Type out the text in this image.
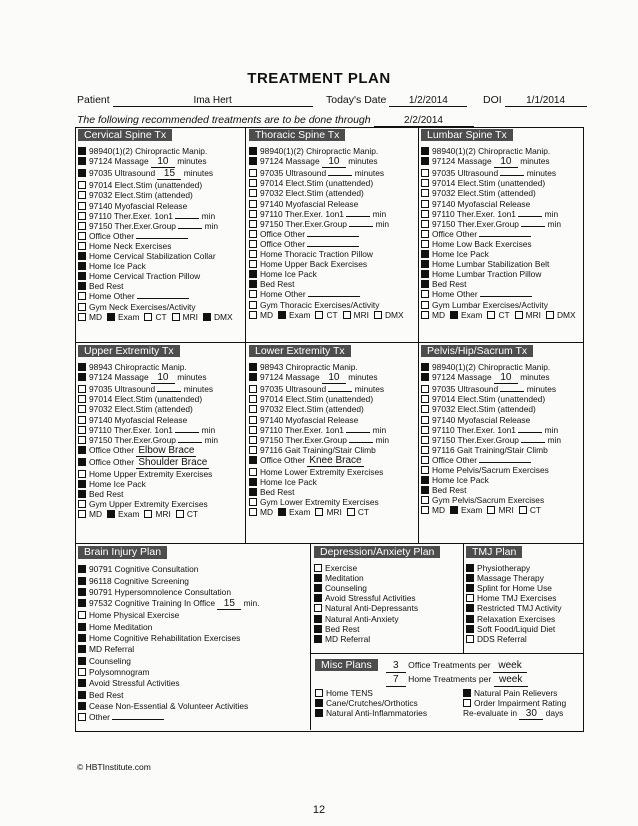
TREATMENT PLAN
Patient	Ima Hert	Today's Date 1/2/2014	DOI 1/1/2014
The following recommended treatments are to be done through	2/2/2014
Cervical Spine Tx

98940(1)(2) Chiropractic Manip.
97124 Massage 10 minutes
97035 Ultrasound 15 minutes
97014 Elect.Stim (unattended)
97032 Elect.Stim (attended)
97140 Myofascial Release
97110 Ther.Exer. 1on1	min
97150 Ther.Exer.Group	min
Office Other
Home Neck Exercises
Home Cervical Stabilization Collar
Home Ice Pack
Home Cervical Traction Pillow
Bed Rest
Home Other
Gym Neck Exercises/Activity
MD Exam CT MRI DMX
Thoracic Spine Tx

98940(1)(2) Chiropractic Manip.
97124 Massage 10 minutes
97035 Ultrasound	minutes
97014 Elect.Stim (unattended)
97032 Elect.Stim (attended)
97140 Myofascial Release
97110 Ther.Exer. 1on1	min
97150 Ther.Exer.Group	min
Office Other
Office Other
Home Thoracic Traction Pillow
Home Upper Back Exercises
Home Ice Pack
Bed Rest
Home Other
Gym Thoracic Exercises/Activity
MD Exam CT MRI DMX
Lumbar Spine Tx

98940(1)(2) Chiropractic Manip.
97124 Massage 10 minutes
97035 Ultrasound	minutes
97014 Elect.Stim (unattended)
97032 Elect.Stim (attended)
97140 Myofascial Release
97110 Ther.Exer. 1on1	min
97150 Ther.Exer.Group	min
Office Other
Home Low Back Exercises
Home Ice Pack
Home Lumbar Stabilization Belt
Home Lumbar Traction Pillow
Bed Rest
Home Other
Gym Lumbar Exercises/Activity
MD Exam CT MRI DMX
Upper Extremity Tx

98943 Chiropractic Manip.
97124 Massage 10 minutes
97035 Ultrasound	minutes
97014 Elect.Stim (unattended)
97032 Elect.Stim (attended)
97140 Myofascial Release
97110 Ther.Exer. 1on1	min
97150 Ther.Exer.Group	min
Office Other Elbow Brace
Office Other Shoulder Brace
Home Upper Extremity Exercises
Home Ice Pack
Bed Rest
Gym Upper Extremity Exercises
MD Exam MRI CT
Lower Extremity Tx

98943 Chiropractic Manip.
97124 Massage 10 minutes
97035 Ultrasound	minutes
97014 Elect.Stim (unattended)
97032 Elect.Stim (attended)
97140 Myofascial Release
97110 Ther.Exer. 1on1	min
97150 Ther.Exer.Group	min
97116 Gait Training/Stair Climb
Office Other Knee Brace
Home Lower Extremity Exercises
Home Ice Pack
Bed Rest
Gym Lower Extremity Exercises
MD Exam MRI CT
Pelvis/Hip/Sacrum Tx

98940(1)(2) Chiropractic Manip.
97124 Massage 10 minutes
97035 Ultrasound	minutes
97014 Elect.Stim (unattended)
97032 Elect.Stim (attended)
97140 Myofascial Release
97110 Ther.Exer. 1on1	min
97150 Ther.Exer.Group	min
97116 Gait Training/Stair Climb
Office Other
Home Pelvis/Sacrum Exercises
Home Ice Pack
Bed Rest
Gym Pelvis/Sacrum Exercises
MD Exam MRI CT
Brain Injury Plan

90791 Cognitive Consultation
96118 Cognitive Screening
90791 Hypersomnolence Consultation
97532 Cognitive Training In Office 15 min.
Home Physical Exercise
Home Meditation
Home Cognitive Rehabilitation Exercises
MD Referral
Counseling
Polysomnogram
Avoid Stressful Activities
Bed Rest
Cease Non-Essential & Volunteer Activities
Other
Depression/Anxiety Plan

Exercise
Meditation
Counseling
Avoid Stressful Activities
Natural Anti-Depressants
Natural Anti-Anxiety
Bed Rest
MD Referral
TMJ Plan

Physiotherapy
Massage Therapy
Splint for Home Use
Home TMJ Exercises
Restricted TMJ Activity
Relaxation Exercises
Soft Food/Liquid Diet
DDS Referral
Misc Plans	3 Office Treatments per week
7 Home Treatments per week
Home TENS
Cane/Crutches/Orthotics
Natural Anti-Inflammatories
Natural Pain Relievers
Order Impairment Rating
Re-evaluate in 30 days
© HBTInstitute.com
12
